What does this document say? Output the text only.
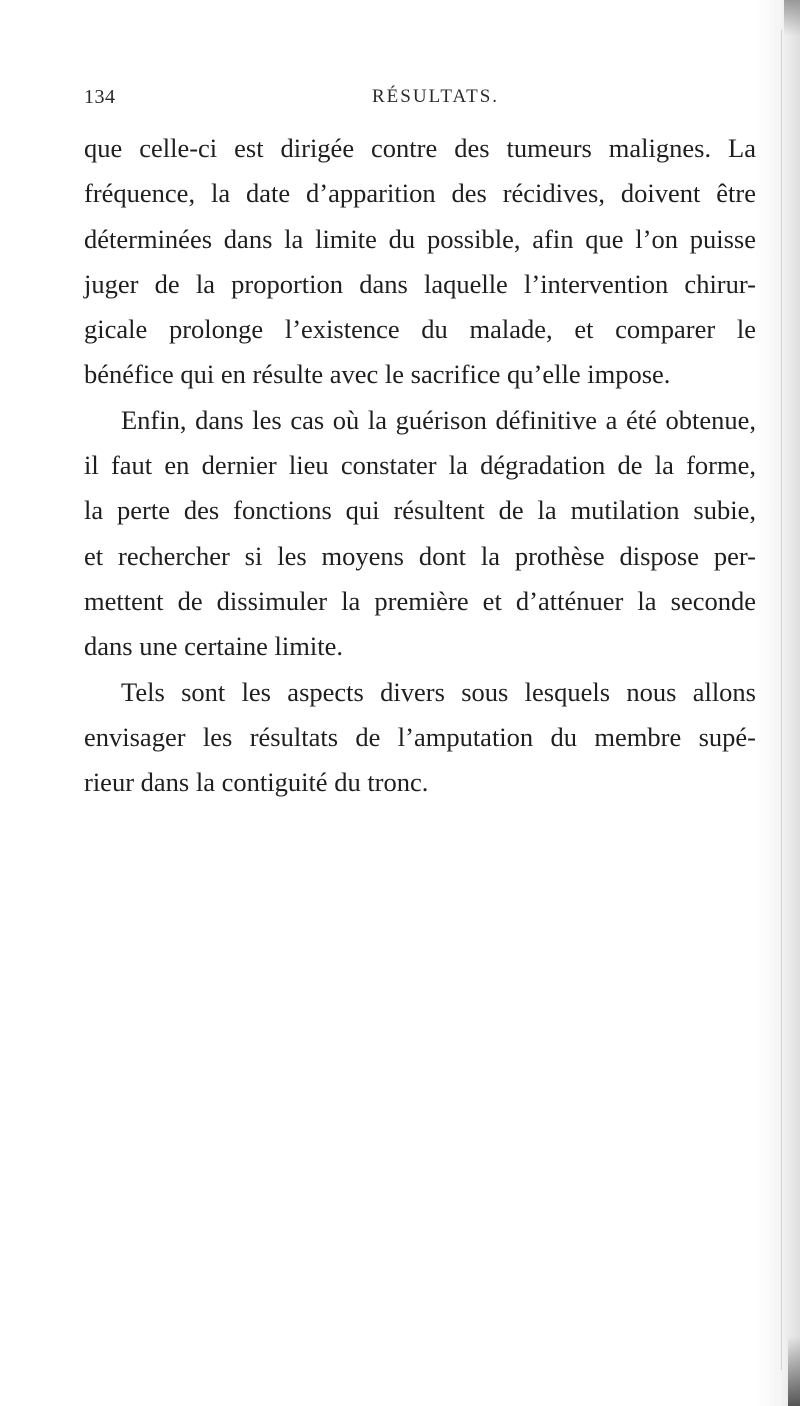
134	RÉSULTATS.
que celle-ci est dirigée contre des tumeurs malignes. La
fréquence, la date d’apparition des récidives, doivent être
déterminées dans la limite du possible, afin que l’on puisse
juger de la proportion dans laquelle l’intervention chirur-
gicale prolonge l’existence du malade, et comparer le
bénéfice qui en résulte avec le sacrifice qu’elle impose.
Enfin, dans les cas où la guérison définitive a été obtenue,
il faut en dernier lieu constater la dégradation de la forme,
la perte des fonctions qui résultent de la mutilation subie,
et rechercher si les moyens dont la prothèse dispose per-
mettent de dissimuler la première et d’atténuer la seconde
dans une certaine limite.
Tels sont les aspects divers sous lesquels nous allons
envisager les résultats de l’amputation du membre supé-
rieur dans la contiguité du tronc.
